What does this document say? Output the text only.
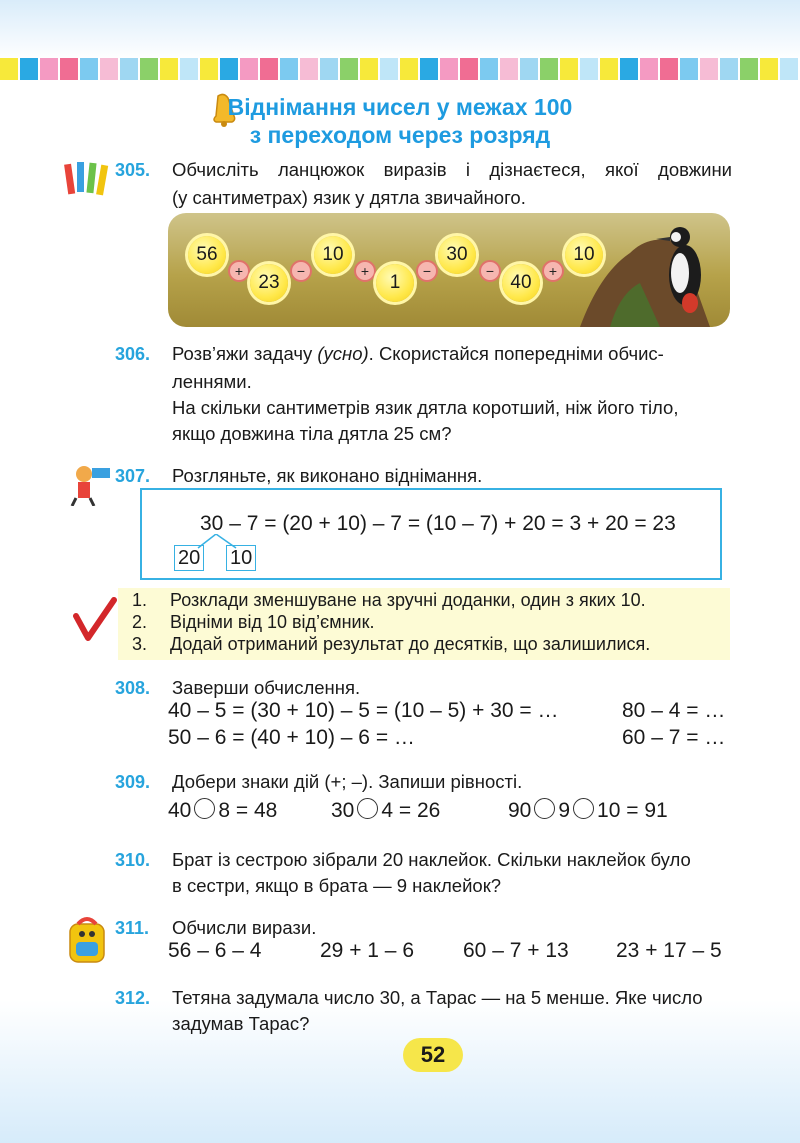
Віднімання чисел у межах 100
з переходом через розряд
305. Обчисліть ланцюжок виразів і дізнаєтеся, якої довжини
(у сантиметрах) язик у дятла звичайного.
56
+
23
−
10
+
1
−
30
−
40
+
10
306. Розв’яжи задачу (усно). Скористайся попередніми обчис-
леннями.
На скільки сантиметрів язик дятла коротший, ніж його тіло,
якщо довжина тіла дятла 25 см?
307. Розгляньте, як виконано віднімання.
30 – 7 = (20 + 10) – 7 = (10 – 7) + 20 = 3 + 20 = 23
20 10
1. Розклади зменшуване на зручні доданки, один з яких 10.
2. Відніми від 10 від’ємник.
3. Додай отриманий результат до десятків, що залишилися.
308. Заверши обчислення.
40 – 5 = (30 + 10) – 5 = (10 – 5) + 30 = …
50 – 6 = (40 + 10) – 6 = …
80 – 4 = …
60 – 7 = …
309. Добери знаки дій (+; –). Запиши рівності.
40 8 = 48	30 4 = 26	90 9 10 = 91
310. Брат із сестрою зібрали 20 наклейок. Скільки наклейок було
в сестри, якщо в брата — 9 наклейок?
311. Обчисли вирази.
56 – 6 – 4	29 + 1 – 6 60 – 7 + 13 23 + 17 – 5
312. Тетяна задумала число 30, а Тарас — на 5 менше. Яке число
задумав Тарас?
52
